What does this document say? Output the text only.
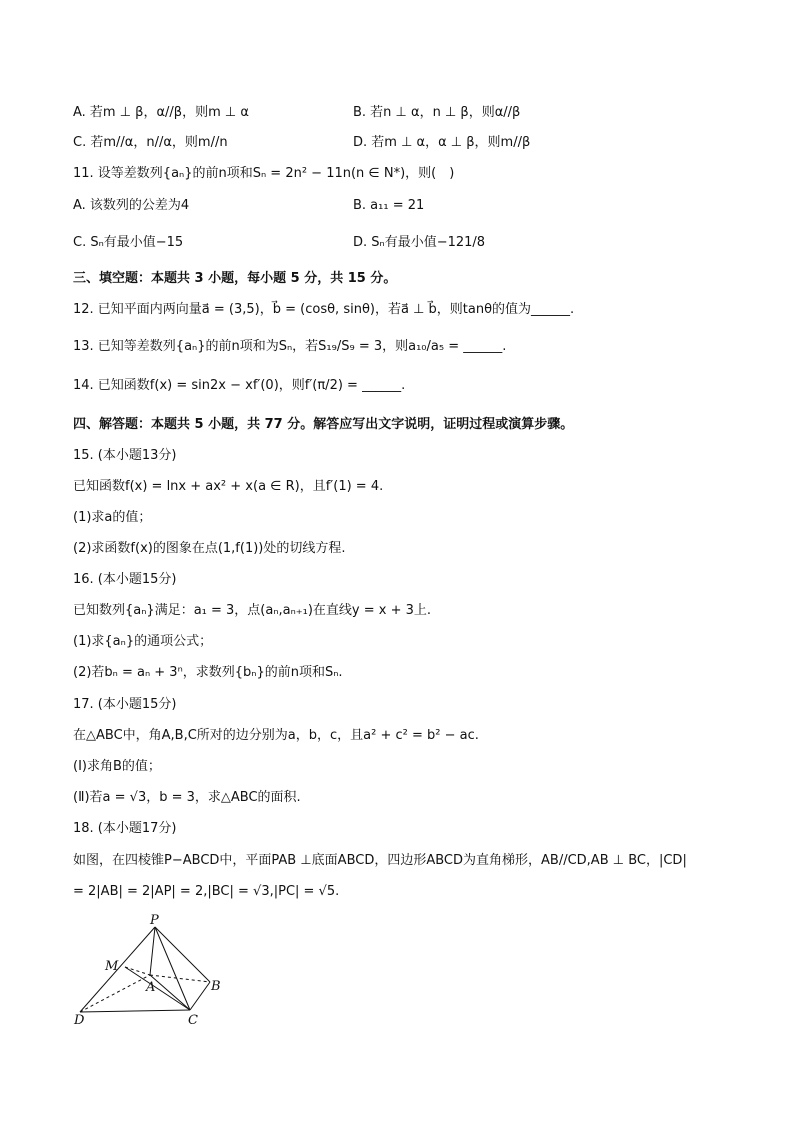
A. 若m ⊥ β，α//β，则m ⊥ α	B. 若n ⊥ α，n ⊥ β，则α//β
C. 若m//α，n//α，则m//n	D. 若m ⊥ α，α ⊥ β，则m//β
11. 设等差数列{aₙ}的前n项和Sₙ = 2n² − 11n(n ∈ N*)，则(　)
A. 该数列的公差为4	B. a₁₁ = 21
C. Sₙ有最小值−15	D. Sₙ有最小值−121/8
三、填空题：本题共 3 小题，每小题 5 分，共 15 分。
12. 已知平面内两向量a⃗ = (3,5)，b⃗ = (cosθ, sinθ)，若a⃗ ⊥ b⃗，则tanθ的值为______.
13. 已知等差数列{aₙ}的前n项和为Sₙ，若S₁₉/S₉ = 3，则a₁₀/a₅ = ______.
14. 已知函数f(x) = sin2x − xf′(0)，则f′(π/2) = ______.
四、解答题：本题共 5 小题，共 77 分。解答应写出文字说明，证明过程或演算步骤。
15. (本小题13分)
已知函数f(x) = lnx + ax² + x(a ∈ R)，且f′(1) = 4.
(1)求a的值；
(2)求函数f(x)的图象在点(1,f(1))处的切线方程.
16. (本小题15分)
已知数列{aₙ}满足：a₁ = 3，点(aₙ,aₙ₊₁)在直线y = x + 3上.
(1)求{aₙ}的通项公式；
(2)若bₙ = aₙ + 3ⁿ，求数列{bₙ}的前n项和Sₙ.
17. (本小题15分)
在△ABC中，角A,B,C所对的边分别为a，b，c，且a² + c² = b² − ac.
(Ⅰ)求角B的值；
(Ⅱ)若a = √3，b = 3，求△ABC的面积.
18. (本小题17分)
如图，在四棱锥P−ABCD中，平面PAB ⊥底面ABCD，四边形ABCD为直角梯形，AB//CD,AB ⊥ BC，|CD|
= 2|AB| = 2|AP| = 2,|BC| = √3,|PC| = √5.
P
M
A	B
C
D
